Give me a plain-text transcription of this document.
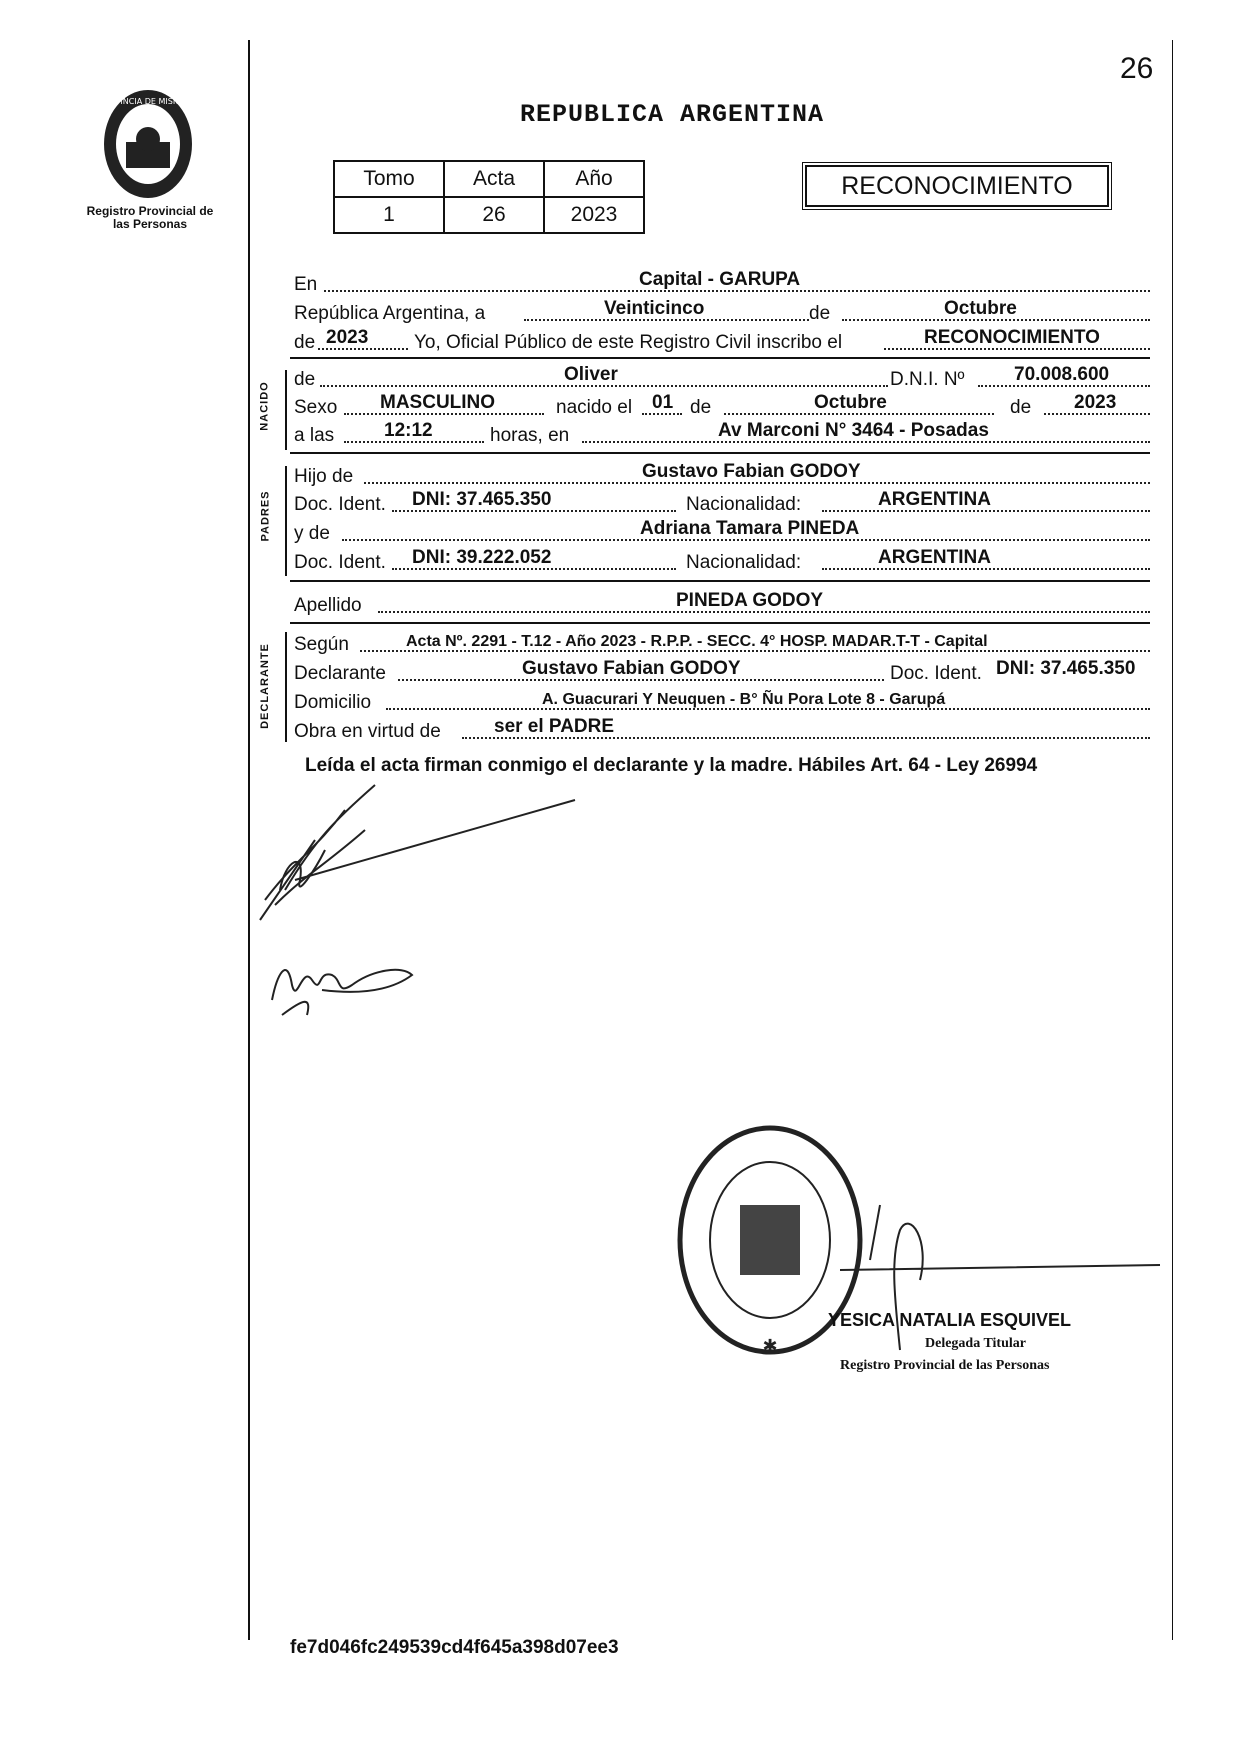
PROVINCIA DE MISIONES
Registro Provincial de las Personas
26
REPUBLICA ARGENTINA
Tomo	Acta	Año
1	26	2023
RECONOCIMIENTO
En	Capital - GARUPA
República Argentina, a	Veinticinco	de	Octubre
de 2023 Yo, Oficial Público de este Registro Civil inscribo el	RECONOCIMIENTO
NACIDO
de	Oliver	D.N.I. Nº	70.008.600
Sexo MASCULINO	nacido el 01 de	Octubre	de 2023
a las	12:12	horas, en	Av Marconi N° 3464 - Posadas
PADRES
Hijo de	Gustavo Fabian GODOY
Doc. Ident. DNI: 37.465.350	Nacionalidad:	ARGENTINA
y de	Adriana Tamara PINEDA
Doc. Ident. DNI: 39.222.052	Nacionalidad:	ARGENTINA
Apellido	PINEDA GODOY
DECLARANTE Según	Acta Nº. 2291 - T.12 - Año 2023 - R.P.P. - SECC. 4° HOSP. MADAR.T-T - Capital
Declarante	Gustavo Fabian GODOY	Doc. Ident. DNI: 37.465.350
Domicilio	A. Guacurari Y Neuquen - B° Ñu Pora Lote 8 - Garupá
Obra en virtud de	ser el PADRE
Leída el acta firman conmigo el declarante y la madre. Hábiles Art. 64 - Ley 26994
✱
YESICA NATALIA ESQUIVEL
Delegada Titular
Registro Provincial de las Personas
fe7d046fc249539cd4f645a398d07ee3
